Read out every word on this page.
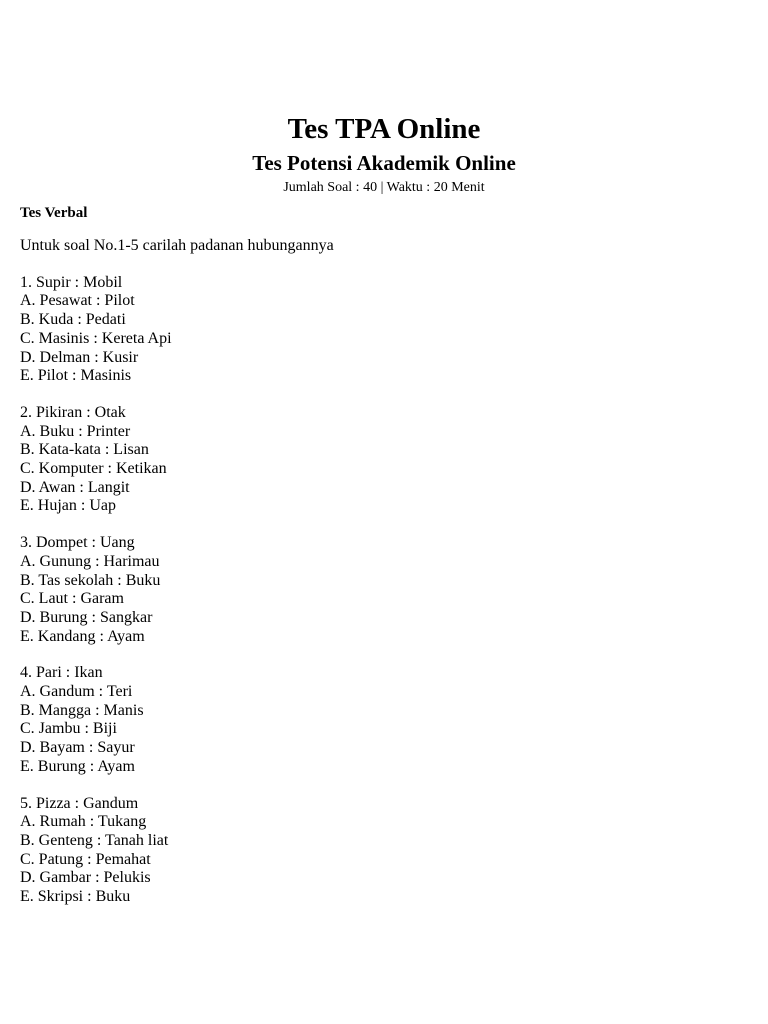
Tes TPA Online
Tes Potensi Akademik Online

Jumlah Soal : 40 | Waktu : 20 Menit

Tes Verbal

Untuk soal No.1-5 carilah padanan hubungannya

1. Supir : Mobil
A. Pesawat : Pilot
B. Kuda : Pedati
C. Masinis : Kereta Api
D. Delman : Kusir
E. Pilot : Masinis
2. Pikiran : Otak
A. Buku : Printer
B. Kata-kata : Lisan
C. Komputer : Ketikan
D. Awan : Langit
E. Hujan : Uap
3. Dompet : Uang
A. Gunung : Harimau
B. Tas sekolah : Buku
C. Laut : Garam
D. Burung : Sangkar
E. Kandang : Ayam
4. Pari : Ikan
A. Gandum : Teri
B. Mangga : Manis
C. Jambu : Biji
D. Bayam : Sayur
E. Burung : Ayam
5. Pizza : Gandum
A. Rumah : Tukang
B. Genteng : Tanah liat
C. Patung : Pemahat
D. Gambar : Pelukis
E. Skripsi : Buku
